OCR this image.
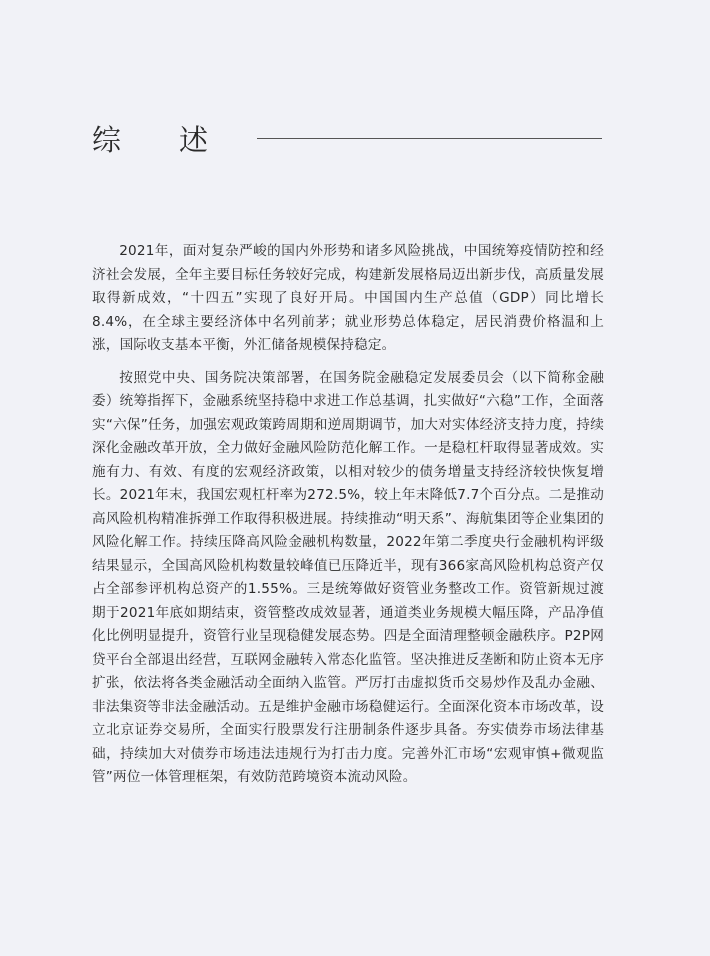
综述

2021年，面对复杂严峻的国内外形势和诸多风险挑战，中国统筹疫情防控和经济社会发展，全年主要目标任务较好完成，构建新发展格局迈出新步伐，高质量发展取得新成效，“十四五”实现了良好开局。中国国内生产总值（GDP）同比增长8.4%，在全球主要经济体中名列前茅；就业形势总体稳定，居民消费价格温和上涨，国际收支基本平衡，外汇储备规模保持稳定。

按照党中央、国务院决策部署，在国务院金融稳定发展委员会（以下简称金融委）统筹指挥下，金融系统坚持稳中求进工作总基调，扎实做好“六稳”工作，全面落实“六保”任务，加强宏观政策跨周期和逆周期调节，加大对实体经济支持力度，持续深化金融改革开放，全力做好金融风险防范化解工作。一是稳杠杆取得显著成效。实施有力、有效、有度的宏观经济政策，以相对较少的债务增量支持经济较快恢复增长。2021年末，我国宏观杠杆率为272.5%，较上年末降低7.7个百分点。二是推动高风险机构精准拆弹工作取得积极进展。持续推动“明天系”、海航集团等企业集团的风险化解工作。持续压降高风险金融机构数量，2022年第二季度央行金融机构评级结果显示，全国高风险机构数量较峰值已压降近半，现有366家高风险机构总资产仅占全部参评机构总资产的1.55%。三是统筹做好资管业务整改工作。资管新规过渡期于2021年底如期结束，资管整改成效显著，通道类业务规模大幅压降，产品净值化比例明显提升，资管行业呈现稳健发展态势。四是全面清理整顿金融秩序。P2P网贷平台全部退出经营，互联网金融转入常态化监管。坚决推进反垄断和防止资本无序扩张，依法将各类金融活动全面纳入监管。严厉打击虚拟货币交易炒作及乱办金融、非法集资等非法金融活动。五是维护金融市场稳健运行。全面深化资本市场改革，设立北京证券交易所，全面实行股票发行注册制条件逐步具备。夯实债券市场法律基础，持续加大对债券市场违法违规行为打击力度。完善外汇市场“宏观审慎+微观监管”两位一体管理框架，有效防范跨境资本流动风险。
